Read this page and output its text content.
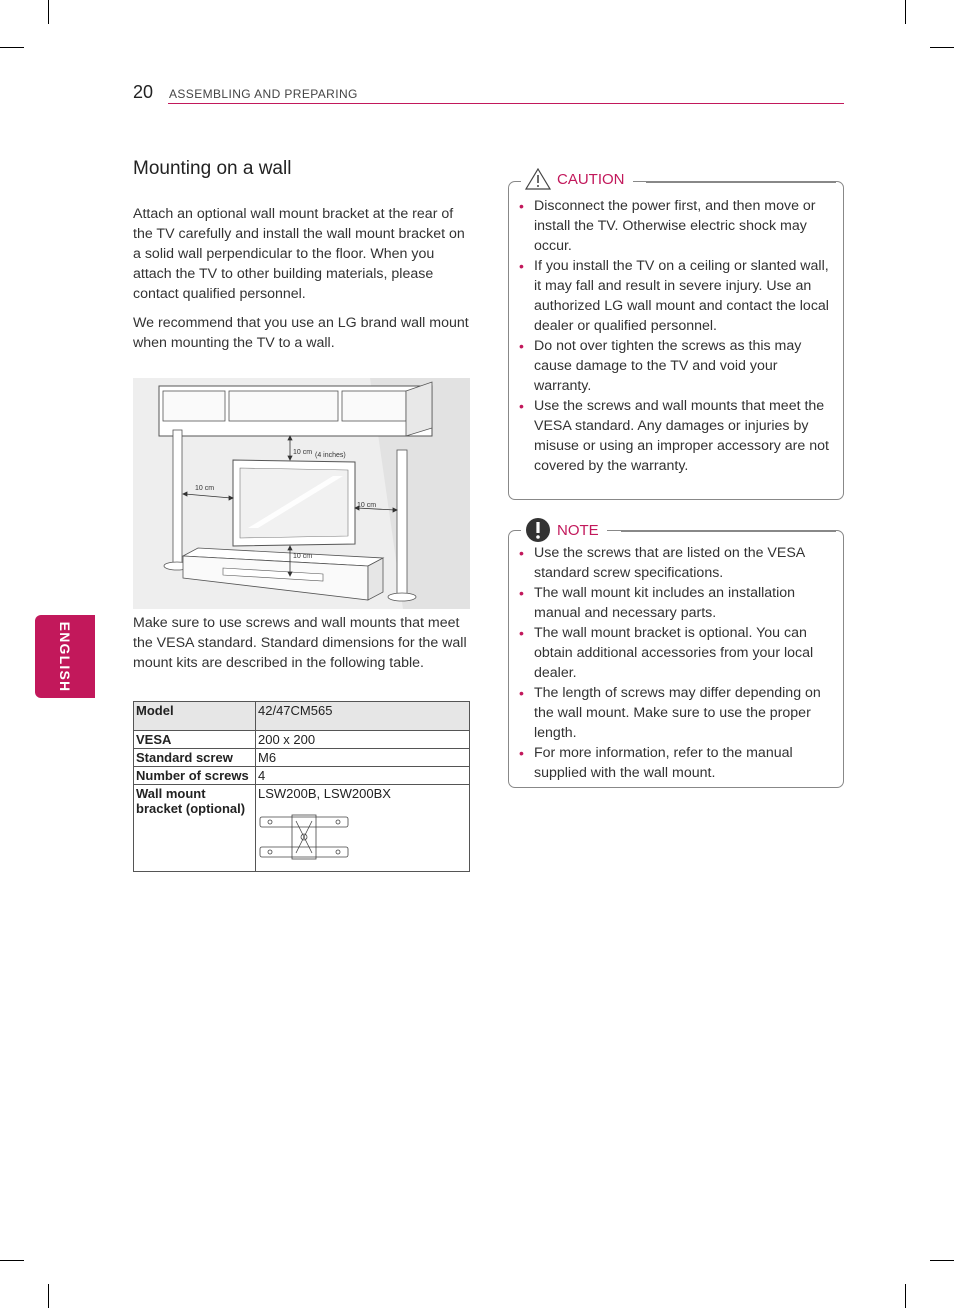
20 ASSEMBLING AND PREPARING
ENGLISH
Mounting on a wall

Attach an optional wall mount bracket at the rear of the TV carefully and install the wall mount bracket on a solid wall perpendicular to the floor. When you attach the TV to other building materials, please contact qualified personnel.

We recommend that you use an LG brand wall mount when mounting the TV to a wall.

10 cm (4 inches)
10 cm
10 cm
10 cm

Make sure to use screws and wall mounts that meet the VESA standard. Standard dimensions for the wall mount kits are described in the following table.

Model	42/47CM565
VESA	200 x 200
Standard screw	M6
Number of screws	4
Wall mount bracket (optional)	LSW200B, LSW200BX
CAUTION
• Disconnect the power first, and then move or install the TV. Otherwise electric shock may occur.
• If you install the TV on a ceiling or slanted wall, it may fall and result in severe injury. Use an authorized LG wall mount and contact the local dealer or qualified personnel.
• Do not over tighten the screws as this may cause damage to the TV and void your warranty.
• Use the screws and wall mounts that meet the VESA standard. Any damages or injuries by misuse or using an improper accessory are not covered by the warranty.
NOTE
• Use the screws that are listed on the VESA standard screw specifications.
• The wall mount kit includes an installation manual and necessary parts.
• The wall mount bracket is optional. You can obtain additional accessories from your local dealer.
• The length of screws may differ depending on the wall mount. Make sure to use the proper length.
• For more information, refer to the manual supplied with the wall mount.
